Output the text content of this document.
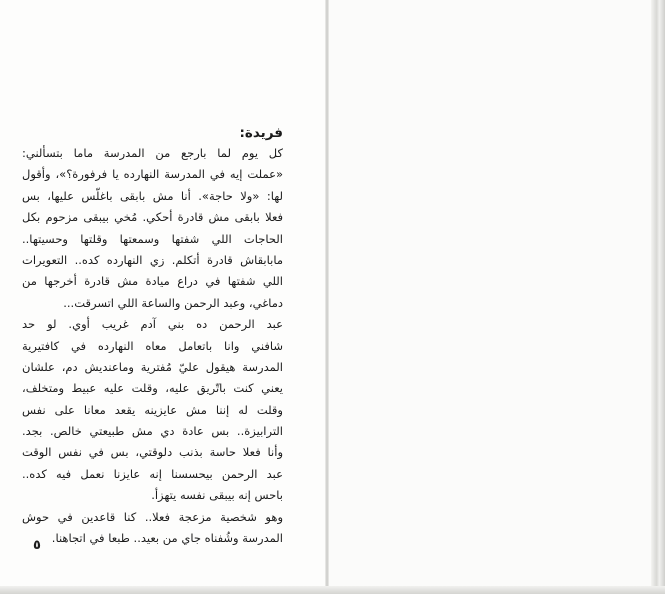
فريدة:
كل يوم لما بارجع من المدرسة ماما بتسألني:
«عملت إيه في المدرسة النهارده يا فرفورة؟»، وأقول
لها: «ولا حاجة». أنا مش بابقى باغلّس عليها، بس
فعلا بابقى مش قادرة أحكي. مُخي بيبقى مزحوم بكل
الحاجات اللي شفتها وسمعتها وقلتها وحسيتها..
مابابقاش قادرة أتكلم. زي النهارده كده.. التعويرات
اللي شفتها في دراع ميادة مش قادرة أخرجها من
دماغي، وعبد الرحمن والساعة اللي اتسرقت...
عبد الرحمن ده بني آدم غريب أوي. لو حد
شافني وانا باتعامل معاه النهارده في كافتيرية
المدرسة هيقول عليّ مُفترية وماعنديش دم، علشان
يعني كنت باتّريق عليه، وقلت عليه عبيط ومتخلف،
وقلت له إننا مش عايزينه يقعد معانا على نفس
الترابيزة.. بس عادة دي مش طبيعتي خالص. بجد.
وأنا فعلا حاسة بذنب دلوقتي، بس في نفس الوقت
عبد الرحمن بيحسسنا إنه عايزنا نعمل فيه كده..
باحس إنه بيبقى نفسه يتهزأ.
وهو شخصية مزعجة فعلا.. كنا قاعدين في حوش
المدرسة وشُفناه جاي من بعيد.. طبعا في اتجاهنا.
٥
